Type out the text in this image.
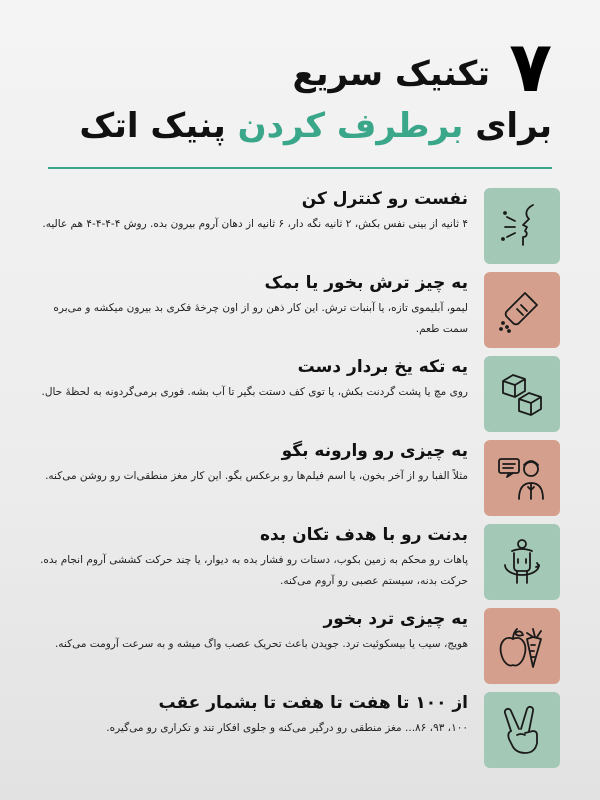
۷
تکنیک سریع
برای برطرف کردن پنیک اتک
نفست رو کنترل کن
۴ ثانیه از بینی نفس بکش، ۲ ثانیه نگه دار، ۶ ثانیه از دهان آروم بیرون بده. روش ۴-۴-۴-۴ هم عالیه.
یه چیز ترش بخور یا بمک
لیمو، آبلیموی تازه، یا آبنبات ترش. این کار ذهن رو از اون چرخهٔ فکری بد بیرون میکشه و می‌بره سمت طعم.
یه تکه یخ بردار دست
روی مچ یا پشت گردنت بکش، یا توی کف دستت بگیر تا آب بشه. فوری برمی‌گردونه به لحظهٔ حال.
یه چیزی رو وارونه بگو
مثلاً الفبا رو از آخر بخون، یا اسم فیلم‌ها رو برعکس بگو. این کار مغز منطقی‌ات رو روشن می‌کنه.
بدنت رو با هدف تکان بده
پاهات رو محکم به زمین بکوب، دستات رو فشار بده به دیوار، یا چند حرکت کششی آروم انجام بده. حرکت بدنه، سیستم عصبی رو آروم می‌کنه.
یه چیزی ترد بخور
هویج، سیب یا بیسکوئیت ترد. جویدن باعث تحریک عصب واگ میشه و به سرعت آرومت می‌کنه.
از ۱۰۰ تا هفت تا هفت تا بشمار عقب
۱۰۰، ۹۳، ۸۶... مغز منطقی رو درگیر می‌کنه و جلوی افکار تند و تکراری رو می‌گیره.
